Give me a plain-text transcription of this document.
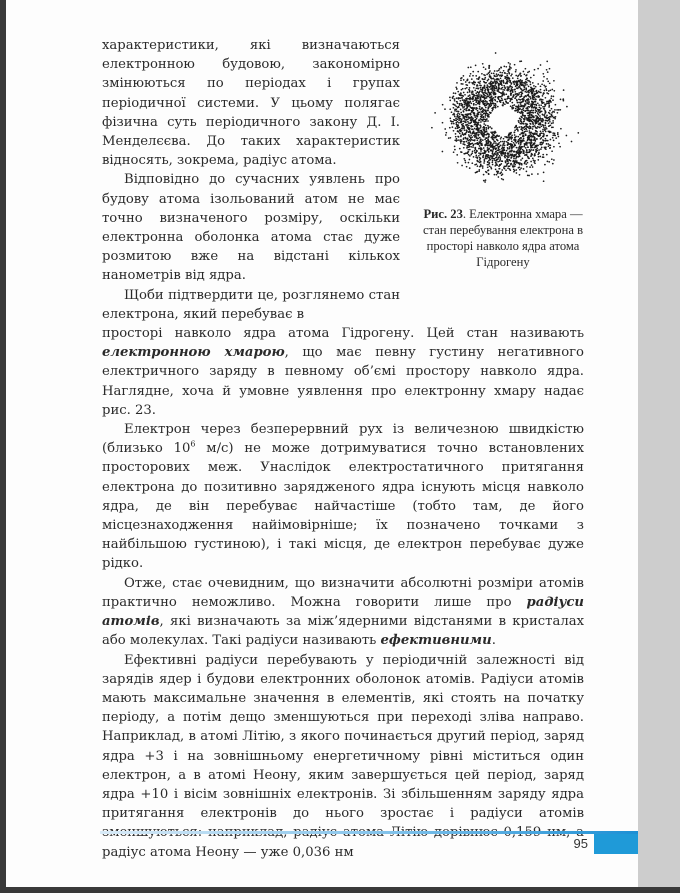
характеристики, які визначаються електронною будовою, закономірно змінюються по періодах і групах періодичної системи. У цьому полягає фізична суть періодичного закону Д. І. Менделєєва. До таких характеристик відносять, зокрема, радіус атома.

Відповідно до сучасних уявлень про будову атома ізольований атом не має точно визначеного розміру, оскільки електронна оболонка атома стає дуже розмитою вже на відстані кількох нанометрів від ядра.

Щоби підтвердити це, розглянемо стан електрона, який перебуває в

просторі навколо ядра атома Гідрогену. Цей стан називають електронною хмарою, що має певну густину негативного електричного заряду в певному об’ємі простору навколо ядра. Наглядне, хоча й умовне уявлення про електронну хмару надає рис. 23.

Електрон через безперервний рух із величезною швидкістю (близько $10^6$ м/с) не може дотримуватися точно встановлених просторових меж. Унаслідок електростатичного притягання електрона до позитивно зарядженого ядра існують місця навколо ядра, де він перебуває найчастіше (тобто там, де його місцезнаходження найімовірніше; їх позначено точками з найбільшою густиною), і такі місця, де електрон перебуває дуже рідко.

Отже, стає очевидним, що визначити абсолютні розміри атомів практично неможливо. Можна говорити лише про радіуси атомів, які визначають за між’ядерними відстанями в кристалах або молекулах. Такі радіуси називають ефективними.

Ефективні радіуси перебувають у періодичній залежності від зарядів ядер і будови електронних оболонок атомів. Радіуси атомів мають максимальне значення в елементів, які стоять на початку періоду, а потім дещо зменшуються при переході зліва направо. Наприклад, в атомі Літію, з якого починається другий період, заряд ядра +3 і на зовнішньому енергетичному рівні міститься один електрон, а в атомі Неону, яким завершується цей період, заряд ядра +10 і вісім зовнішніх електронів. Зі збільшенням заряду ядра притягання електронів до нього зростає і радіуси атомів радіус атома Неону — уже 0,036 нм

Рис. 23. Електронна хмара — стан перебування електрона в просторі навколо ядра атома Гідрогену
95
